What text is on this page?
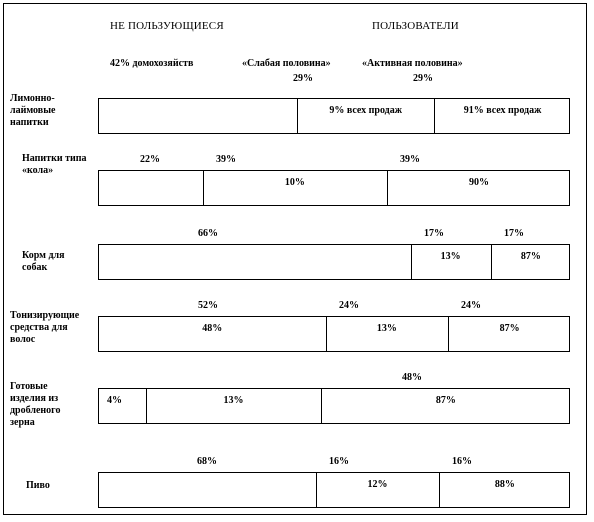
НЕ ПОЛЬЗУЮЩИЕСЯ	ПОЛЬЗОВАТЕЛИ
42% домохозяйств	«Слабая половина»	«Активная половина»
29%	29%
Лимонно-лаймовые напитки
9% всех продаж	91% всех продаж
Напитки типа «кола»
10%	90%
22%	39%	39%
Корм для собак
13%	87%
66%	17%	17%
Тонизирующие средства для волос
48%	13%	87%
52%	24%	24%
Готовые изделия из дробленого зерна
4%	13%	87%
48%
Пиво	12%	88%
68%	16%	16%
